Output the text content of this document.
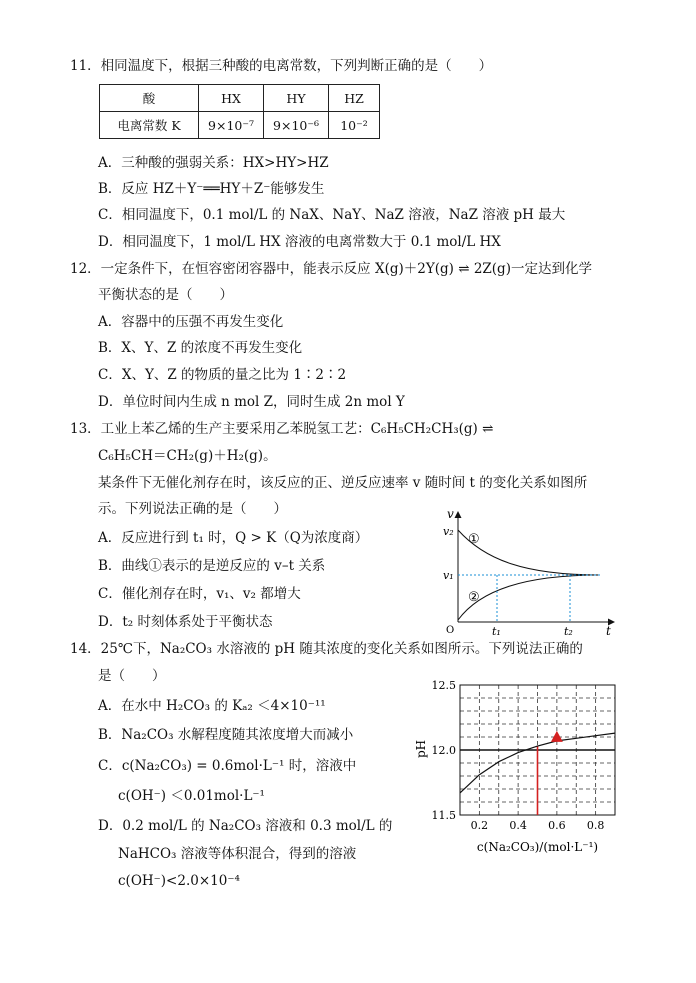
11．相同温度下，根据三种酸的电离常数，下列判断正确的是（　　）
酸	HX	HY	HZ
电离常数 K	9×10⁻⁷	9×10⁻⁶	10⁻²
A．三种酸的强弱关系：HX>HY>HZ
B．反应 HZ＋Y⁻══HY＋Z⁻能够发生
C．相同温度下，0.1 mol/L 的 NaX、NaY、NaZ 溶液，NaZ 溶液 pH 最大
D．相同温度下，1 mol/L HX 溶液的电离常数大于 0.1 mol/L HX
12．一定条件下，在恒容密闭容器中，能表示反应 X(g)＋2Y(g) ⇌ 2Z(g)一定达到化学
平衡状态的是（　　）
A．容器中的压强不再发生变化
B．X、Y、Z 的浓度不再发生变化
C．X、Y、Z 的物质的量之比为 1∶2∶2
D．单位时间内生成 n mol Z，同时生成 2n mol Y
13．工业上苯乙烯的生产主要采用乙苯脱氢工艺：C₆H₅CH₂CH₃(g) ⇌
C₆H₅CH＝CH₂(g)＋H₂(g)。
某条件下无催化剂存在时，该反应的正、逆反应速率 v 随时间 t 的变化关系如图所
示。下列说法正确的是（　　）
A．反应进行到 t₁ 时，Q > K（Q为浓度商）
B．曲线①表示的是逆反应的 v–t 关系
C．催化剂存在时，v₁、v₂ 都增大
D．t₂ 时刻体系处于平衡状态
v
t
v₂
v₁
t₁	t₂
O
①
②
14．25℃下，Na₂CO₃ 水溶液的 pH 随其浓度的变化关系如图所示。下列说法正确的
是（　　）
A．在水中 H₂CO₃ 的 Kₐ₂ ＜4×10⁻¹¹
B．Na₂CO₃ 水解程度随其浓度增大而减小
C．c(Na₂CO₃) = 0.6mol·L⁻¹ 时，溶液中
c(OH⁻) ＜0.01mol·L⁻¹
D．0.2 mol/L 的 Na₂CO₃ 溶液和 0.3 mol/L 的
NaHCO₃ 溶液等体积混合，得到的溶液
c(OH⁻)<2.0×10⁻⁴
0.2 0.4 0.6 0.8
11.5
12.0
12.5
pH
c(Na₂CO₃)/(mol·L⁻¹)
